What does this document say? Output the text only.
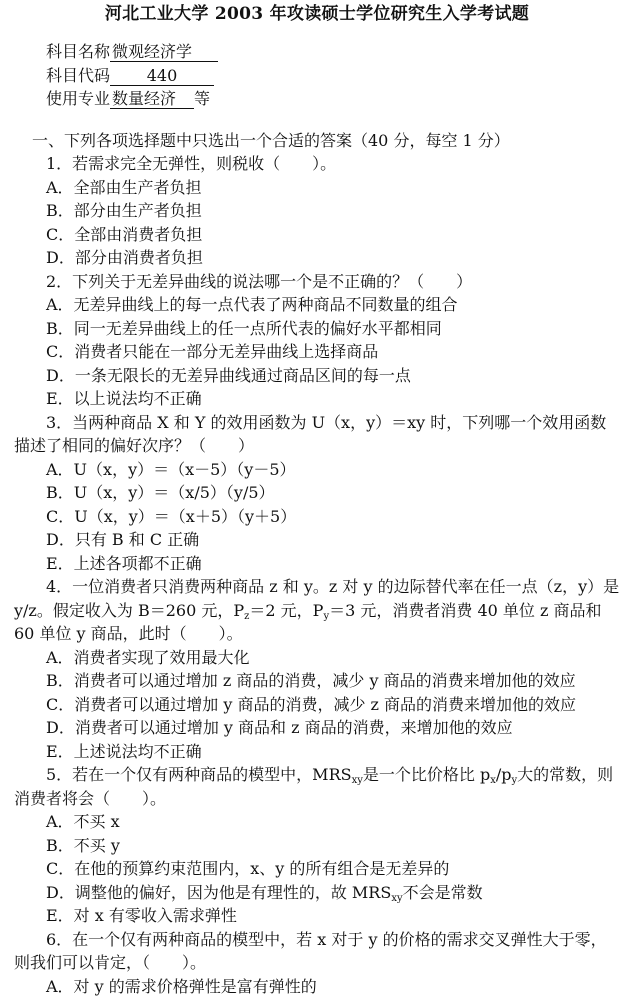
河北工业大学 2003 年攻读硕士学位研究生入学考试题
科目名称 微观经济学
科目代码 440
使用专业 数量经济 等
一、下列各项选择题中只选出一个合适的答案（40 分，每空 1 分）
1．若需求完全无弹性，则税收（　　）。
A．全部由生产者负担
B．部分由生产者负担
C．全部由消费者负担
D．部分由消费者负担
2．下列关于无差异曲线的说法哪一个是不正确的？（　　）
A．无差异曲线上的每一点代表了两种商品不同数量的组合
B．同一无差异曲线上的任一点所代表的偏好水平都相同
C．消费者只能在一部分无差异曲线上选择商品
D．一条无限长的无差异曲线通过商品区间的每一点
E．以上说法均不正确

3．当两种商品 X 和 Y 的效用函数为 U（x，y）＝xy 时，下列哪一个效用函数描述了相同的偏好次序？（　　）

A．U（x，y）＝（x－5）（y－5）
B．U（x，y）＝（x/5）（y/5）
C．U（x，y）＝（x＋5）（y＋5）
D．只有 B 和 C 正确
E．上述各项都不正确

4．一位消费者只消费两种商品 z 和 y。z 对 y 的边际替代率在任一点（z，y）是 y/z。假定收入为 B＝260 元，$P_z=2$ 元，$P_y=3$ 元，消费者消费 40 单位 z 商品和 60 单位 y 商品，此时（　　）。

A．消费者实现了效用最大化
B．消费者可以通过增加 z 商品的消费，减少 y 商品的消费来增加他的效应
C．消费者可以通过增加 y 商品的消费，减少 z 商品的消费来增加他的效应
D．消费者可以通过增加 y 商品和 z 商品的消费，来增加他的效应
E．上述说法均不正确

5．若在一个仅有两种商品的模型中，$MRS_{xy}$是一个比价格比 $p_x/p_y$大的常数，则消费者将会（　　）。

A．不买 x
B．不买 y
C．在他的预算约束范围内，x、y 的所有组合是无差异的
D．调整他的偏好，因为他是有理性的，故 $MRS_{xy}$不会是常数
E．对 x 有零收入需求弹性

6．在一个仅有两种商品的模型中，若 x 对于 y 的价格的需求交叉弹性大于零，则我们可以肯定，（　　）。

A．对 y 的需求价格弹性是富有弹性的
